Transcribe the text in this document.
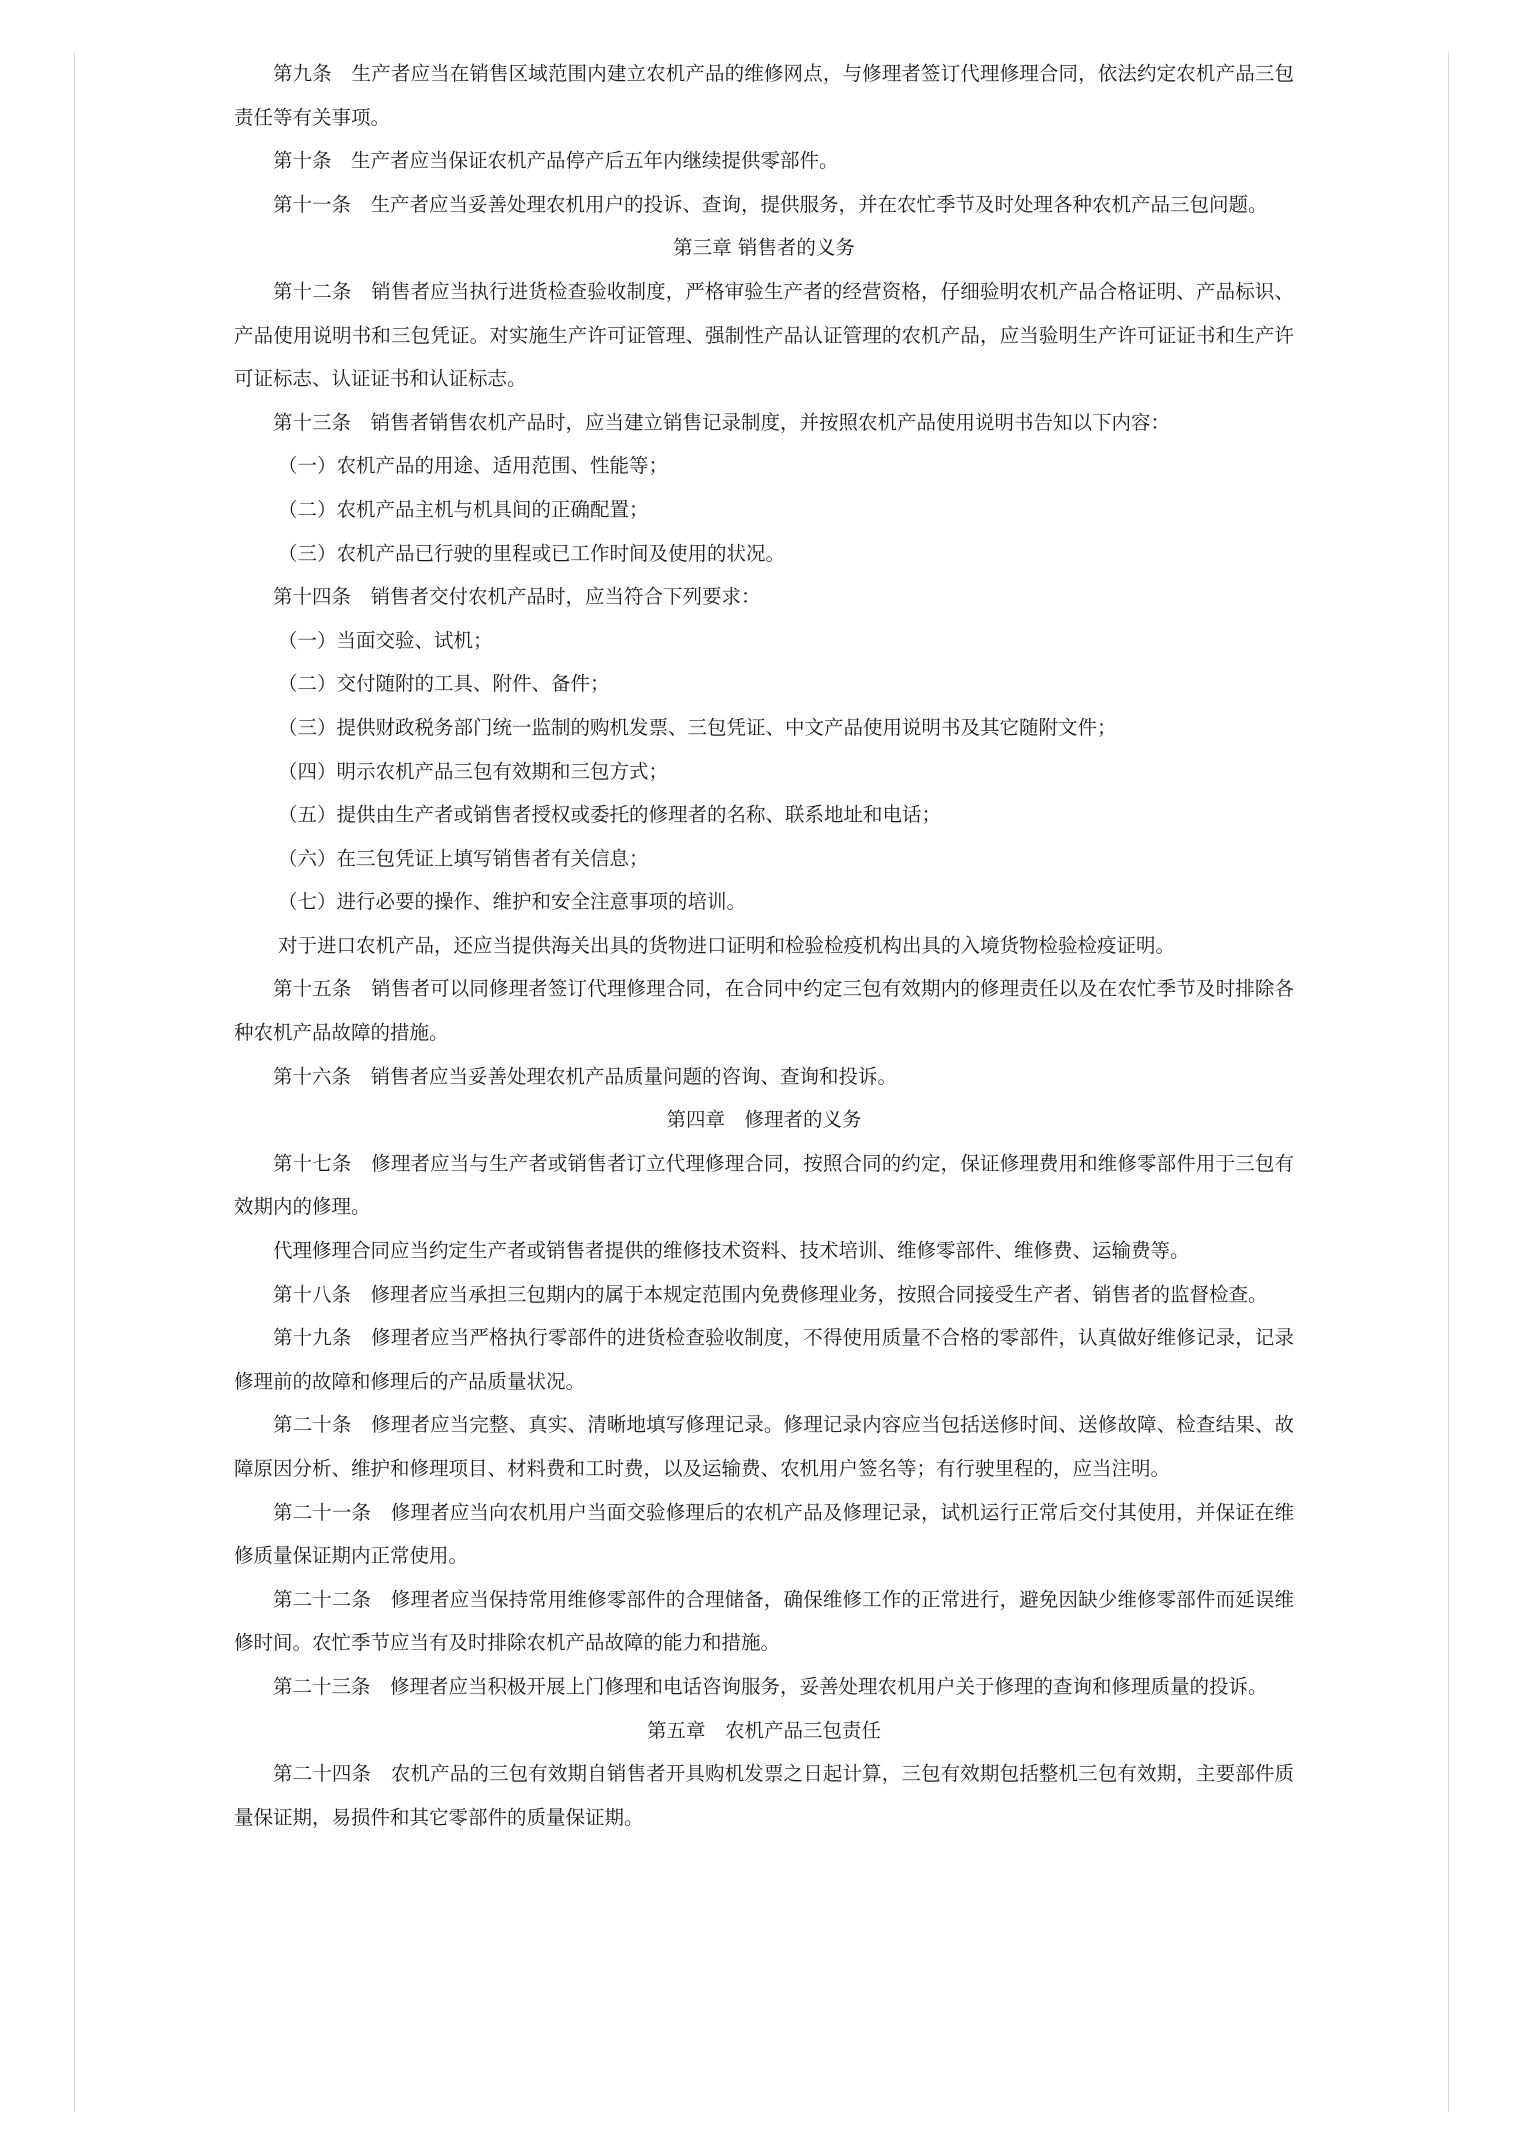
第九条　生产者应当在销售区域范围内建立农机产品的维修网点，与修理者签订代理修理合同，依法约定农机产品三包责任等有关事项。

第十条　生产者应当保证农机产品停产后五年内继续提供零部件。

第十一条　生产者应当妥善处理农机用户的投诉、查询，提供服务，并在农忙季节及时处理各种农机产品三包问题。

第三章 销售者的义务

第十二条　销售者应当执行进货检查验收制度，严格审验生产者的经营资格，仔细验明农机产品合格证明、产品标识、产品使用说明书和三包凭证。对实施生产许可证管理、强制性产品认证管理的农机产品，应当验明生产许可证证书和生产许可证标志、认证证书和认证标志。

第十三条　销售者销售农机产品时，应当建立销售记录制度，并按照农机产品使用说明书告知以下内容：

（一）农机产品的用途、适用范围、性能等；

（二）农机产品主机与机具间的正确配置；

（三）农机产品已行驶的里程或已工作时间及使用的状况。

第十四条　销售者交付农机产品时，应当符合下列要求：

（一）当面交验、试机；

（二）交付随附的工具、附件、备件；

（三）提供财政税务部门统一监制的购机发票、三包凭证、中文产品使用说明书及其它随附文件；

（四）明示农机产品三包有效期和三包方式；

（五）提供由生产者或销售者授权或委托的修理者的名称、联系地址和电话；

（六）在三包凭证上填写销售者有关信息；

（七）进行必要的操作、维护和安全注意事项的培训。

对于进口农机产品，还应当提供海关出具的货物进口证明和检验检疫机构出具的入境货物检验检疫证明。

第十五条　销售者可以同修理者签订代理修理合同，在合同中约定三包有效期内的修理责任以及在农忙季节及时排除各种农机产品故障的措施。

第十六条　销售者应当妥善处理农机产品质量问题的咨询、查询和投诉。

第四章　修理者的义务

第十七条　修理者应当与生产者或销售者订立代理修理合同，按照合同的约定，保证修理费用和维修零部件用于三包有效期内的修理。

代理修理合同应当约定生产者或销售者提供的维修技术资料、技术培训、维修零部件、维修费、运输费等。

第十八条　修理者应当承担三包期内的属于本规定范围内免费修理业务，按照合同接受生产者、销售者的监督检查。

第十九条　修理者应当严格执行零部件的进货检查验收制度，不得使用质量不合格的零部件，认真做好维修记录，记录修理前的故障和修理后的产品质量状况。

第二十条　修理者应当完整、真实、清晰地填写修理记录。修理记录内容应当包括送修时间、送修故障、检查结果、故障原因分析、维护和修理项目、材料费和工时费，以及运输费、农机用户签名等；有行驶里程的，应当注明。

第二十一条　修理者应当向农机用户当面交验修理后的农机产品及修理记录，试机运行正常后交付其使用，并保证在维修质量保证期内正常使用。

第二十二条　修理者应当保持常用维修零部件的合理储备，确保维修工作的正常进行，避免因缺少维修零部件而延误维修时间。农忙季节应当有及时排除农机产品故障的能力和措施。

第二十三条　修理者应当积极开展上门修理和电话咨询服务，妥善处理农机用户关于修理的查询和修理质量的投诉。

第五章　农机产品三包责任

第二十四条　农机产品的三包有效期自销售者开具购机发票之日起计算，三包有效期包括整机三包有效期，主要部件质量保证期，易损件和其它零部件的质量保证期。
